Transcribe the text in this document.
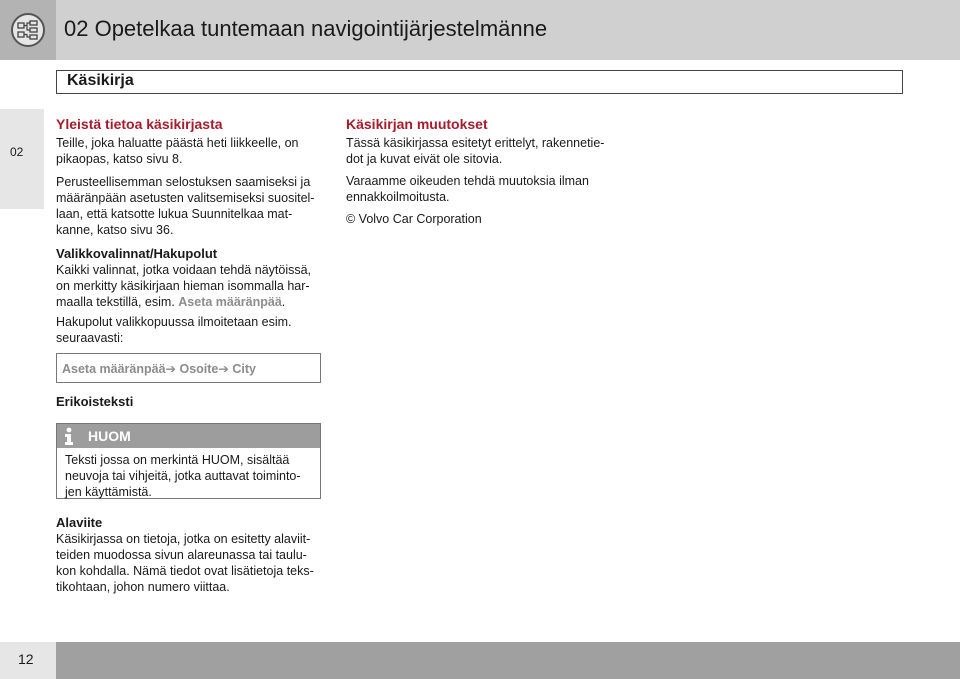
02 Opetelkaa tuntemaan navigointijärjestelmänne
Käsikirja
02
Yleistä tietoa käsikirjasta
Teille, joka haluatte päästä heti liikkeelle, on
pikaopas, katso sivu 8.
Perusteellisemman selostuksen saamiseksi ja
määränpään asetusten valitsemiseksi suositel-
laan, että katsotte lukua Suunnitelkaa mat-
kanne, katso sivu 36.
Valikkovalinnat/Hakupolut
Kaikki valinnat, jotka voidaan tehdä näytöissä,
on merkitty käsikirjaan hieman isommalla har-
maalla tekstillä, esim. Aseta määränpää.
Hakupolut valikkopuussa ilmoitetaan esim.
seuraavasti:
Aseta määränpää➔ Osoite➔ City
Erikoisteksti
HUOM
Teksti jossa on merkintä HUOM, sisältää
neuvoja tai vihjeitä, jotka auttavat toiminto-
jen käyttämistä.
Alaviite
Käsikirjassa on tietoja, jotka on esitetty alaviit-
teiden muodossa sivun alareunassa tai taulu-
kon kohdalla. Nämä tiedot ovat lisätietoja teks-
tikohtaan, johon numero viittaa.
Käsikirjan muutokset
Tässä käsikirjassa esitetyt erittelyt, rakennetie-
dot ja kuvat eivät ole sitovia.
Varaamme oikeuden tehdä muutoksia ilman
ennakkoilmoitusta.
© Volvo Car Corporation
12
